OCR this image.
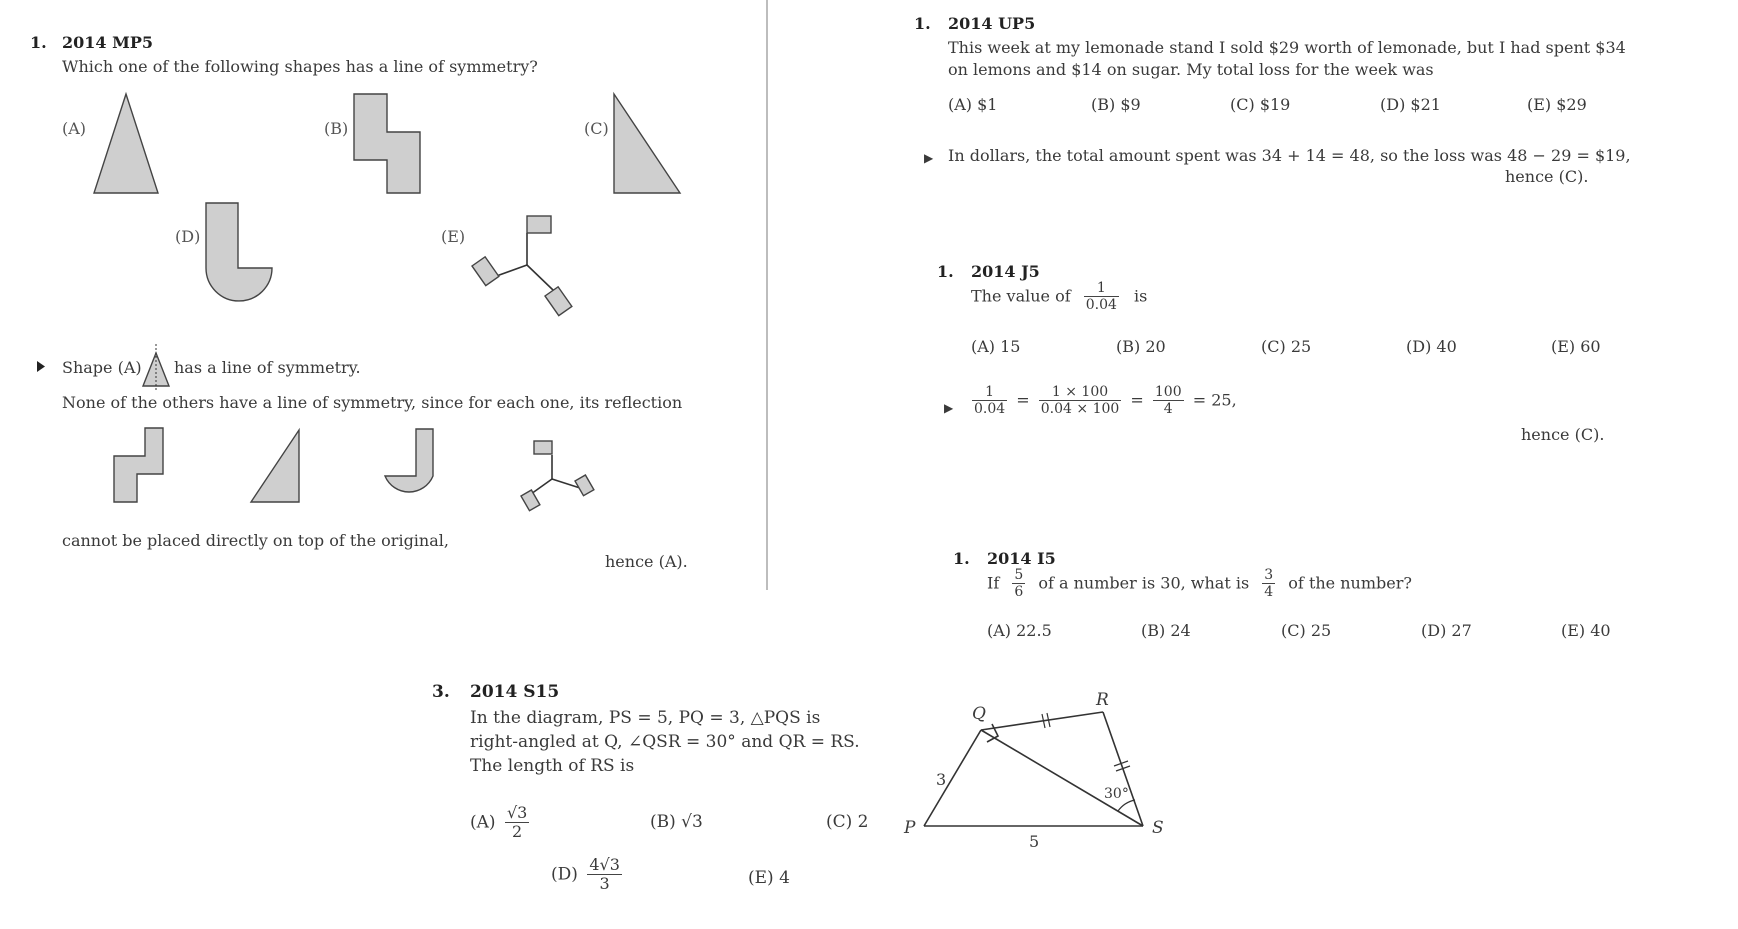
1. 2014 MP5
Which one of the following shapes has a line of symmetry?
(A)	(B)	(C)
(D)	(E)
Shape (A) has a line of symmetry.
None of the others have a line of symmetry, since for each one, its reflection
cannot be placed directly on top of the original,
hence (A).
1. 2014 UP5
This week at my lemonade stand I sold $29 worth of lemonade, but I had spent $34
on lemons and $14 on sugar. My total loss for the week was
(A) $1	(B) $9	(C) $19	(D) $21	(E) $29
▶ In dollars, the total amount spent was 34 + 14 = 48, so the loss was 48 − 29 = $19,
hence (C).
1. 2014 J5
The value of $\frac{1}{0.04}$ is
(A) 15	(B) 20	(C) 25	(D) 40	(E) 60
▶ $\frac{1}{0.04} = \frac{1 \times 100}{0.04 \times 100} = \frac{100}{4} = 25$,
hence (C).
1. 2014 I5
If $\frac{5}{6}$ of a number is 30, what is $\frac{3}{4}$ of the number?
(A) 22.5	(B) 24	(C) 25	(D) 27	(E) 40
3. 2014 S15
In the diagram, PS = 5, PQ = 3, △PQS is
right-angled at Q, ∠QSR = 30° and QR = RS.
The length of RS is
$(A) \frac{√3}{2}$	(B) √3	(C) 2
$(D) \frac{4√3}{3}$	(E) 4
Q
R
P	S
3
5
30°
